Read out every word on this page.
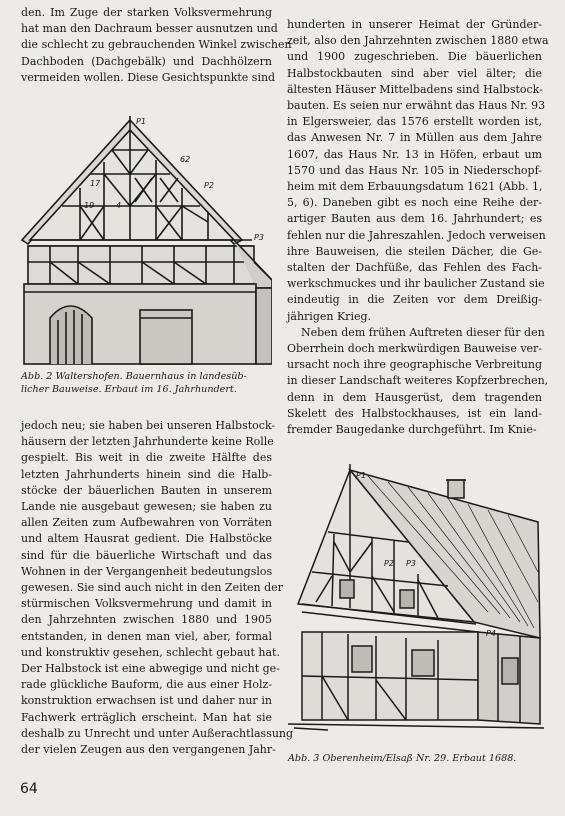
den. Im Zuge der starken Volksvermehrung
hat man den Dachraum besser ausnutzen und
die schlecht zu gebrauchenden Winkel zwischen
Dachboden (Dachgebälk) und Dachhölzern
vermeiden wollen. Diese Gesichtspunkte sind

P1
P2
P3
62
17
19	4

Abb. 2 Waltershofen. Bauernhaus in landesüb-
licher Bauweise. Erbaut im 16. Jahrhundert.

jedoch neu; sie haben bei unseren Halbstock-
häusern der letzten Jahrhunderte keine Rolle
gespielt. Bis weit in die zweite Hälfte des
letzten Jahrhunderts hinein sind die Halb-
stöcke der bäuerlichen Bauten in unserem
Lande nie ausgebaut gewesen; sie haben zu
allen Zeiten zum Aufbewahren von Vorräten
und altem Hausrat gedient. Die Halbstöcke
sind für die bäuerliche Wirtschaft und das
Wohnen in der Vergangenheit bedeutungslos
gewesen. Sie sind auch nicht in den Zeiten der
stürmischen Volksvermehrung und damit in
den Jahrzehnten zwischen 1880 und 1905
entstanden, in denen man viel, aber, formal
und konstruktiv gesehen, schlecht gebaut hat.
Der Halbstock ist eine abwegige und nicht ge-
rade glückliche Bauform, die aus einer Holz-
konstruktion erwachsen ist und daher nur in
Fachwerk erträglich erscheint. Man hat sie
deshalb zu Unrecht und unter Außerachtlassung
der vielen Zeugen aus den vergangenen Jahr-

hunderten in unserer Heimat der Gründer-
zeit, also den Jahrzehnten zwischen 1880 etwa
und 1900 zugeschrieben. Die bäuerlichen
Halbstockbauten sind aber viel älter; die
ältesten Häuser Mittelbadens sind Halbstock-
bauten. Es seien nur erwähnt das Haus Nr. 93
in Elgersweier, das 1576 erstellt worden ist,
das Anwesen Nr. 7 in Müllen aus dem Jahre
1607, das Haus Nr. 13 in Höfen, erbaut um
1570 und das Haus Nr. 105 in Niederschopf-
heim mit dem Erbauungsdatum 1621 (Abb. 1,
5, 6). Daneben gibt es noch eine Reihe der-
artiger Bauten aus dem 16. Jahrhundert; es
fehlen nur die Jahreszahlen. Jedoch verweisen
ihre Bauweisen, die steilen Dächer, die Ge-
stalten der Dachfüße, das Fehlen des Fach-
werkschmuckes und ihr baulicher Zustand sie
eindeutig in die Zeiten vor dem Dreißig-
jährigen Krieg.

Neben dem frühen Auftreten dieser für den
Oberrhein doch merkwürdigen Bauweise ver-
ursacht noch ihre geographische Verbreitung
in dieser Landschaft weiteres Kopfzerbrechen,
denn in dem Hausgerüst, dem tragenden
Skelett des Halbstockhauses, ist ein land-
fremder Baugedanke durchgeführt. Im Knie-

P1
P2 P3
P4

Abb. 3 Oberenheim/Elsaß Nr. 29. Erbaut 1688.

64
